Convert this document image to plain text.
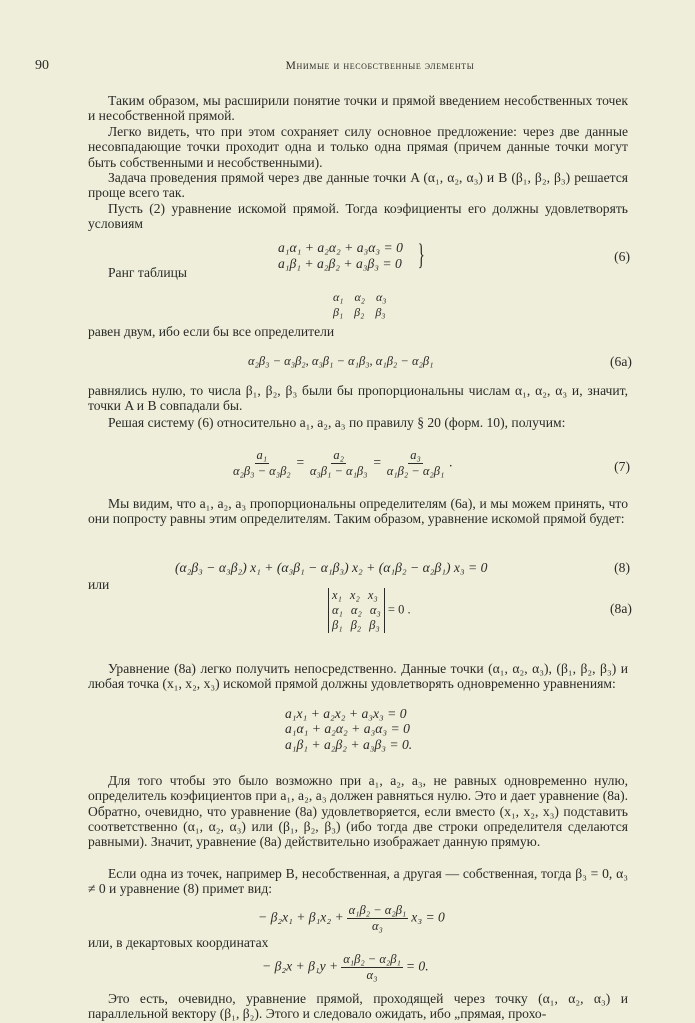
90	Мнимые и несобственные элементы
Таким образом, мы расширили понятие точки и прямой введением несобственных точек и несобственной прямой.
Легко видеть, что при этом сохраняет силу основное предложение: через две данные несовпадающие точки проходит одна и только одна прямая (причем данные точки могут быть собственными и несобственными).
Задача проведения прямой через две данные точки A (α₁, α₂, α₃) и B (β₁, β₂, β₃) решается проще всего так.
Пусть (2) уравнение искомой прямой. Тогда коэфициенты его должны удовлетворять условиям
a₁α₁ + a₂α₂ + a₃α₃ = 0
a₁β₁ + a₂β₂ + a₃β₃ = 0 }	(6)
Ранг таблицы
α₁ α₂ α₃
β₁ β₂ β₃
равен двум, ибо если бы все определители
α₂β₃ − α₃β₂, α₃β₁ − α₁β₃, α₁β₂ − α₂β₁	(6а)
равнялись нулю, то числа β₁, β₂, β₃ были бы пропорциональны числам α₁, α₂, α₃ и, значит, точки A и B совпадали бы.
Решая систему (6) относительно a₁, a₂, a₃ по правилу § 20 (форм. 10), получим:
$\frac{\text{a₁}}{\text{α₂β₃ − α₃β₂}} = \frac{\text{a₂}}{\text{α₃β₁ − α₁β₃}} = \frac{\text{a₃}}{\text{α₁β₂ − α₂β₁}}$ .	(7)
Мы видим, что a₁, a₂, a₃ пропорциональны определителям (6а), и мы можем принять, что они попросту равны этим определителям. Таким образом, уравнение искомой прямой будет:
(α₂β₃ − α₃β₂) x₁ + (α₃β₁ − α₁β₃) x₂ + (α₁β₂ − α₂β₁) x₃ = 0	(8)
или
x₁ x₂ x₃
α₁ α₂ α₃
β₁ β₂ β₃
= 0 .	(8а)
Уравнение (8а) легко получить непосредственно. Данные точки (α₁, α₂, α₃), (β₁, β₂, β₃) и любая точка (x₁, x₂, x₃) искомой прямой должны удовлетворять одновременно уравнениям:
a₁x₁ + a₂x₂ + a₃x₃ = 0
a₁α₁ + a₂α₂ + a₃α₃ = 0
a₁β₁ + a₂β₂ + a₃β₃ = 0.
Для того чтобы это было возможно при a₁, a₂, a₃, не равных одновременно нулю, определитель коэфициентов при a₁, a₂, a₃ должен равняться нулю. Это и дает уравнение (8а). Обратно, очевидно, что уравнение (8а) удовлетворяется, если вместо (x₁, x₂, x₃) подставить соответственно (α₁, α₂, α₃) или (β₁, β₂, β₃) (ибо тогда две строки определителя сделаются равными). Значит, уравнение (8а) действительно изображает данную прямую.
Если одна из точек, например B, несобственная, а другая — собственная, тогда β₃ = 0, α₃ ≠ 0 и уравнение (8) примет вид:
− $\beta_2x_1 + \beta_1x_2 + \frac{\text{α₁β₂ − α₂β₁}}{\text{α₃}} x_3 = 0$
или, в декартовых координатах
− $\beta_2x + \beta_1y + \frac{\text{α₁β₂ − α₂β₁}}{\text{α₃}} = 0$.
Это есть, очевидно, уравнение прямой, проходящей через точку (α₁, α₂, α₃) и параллельной вектору (β₁, β₂). Этого и следовало ожидать, ибо „прямая, прохо-
